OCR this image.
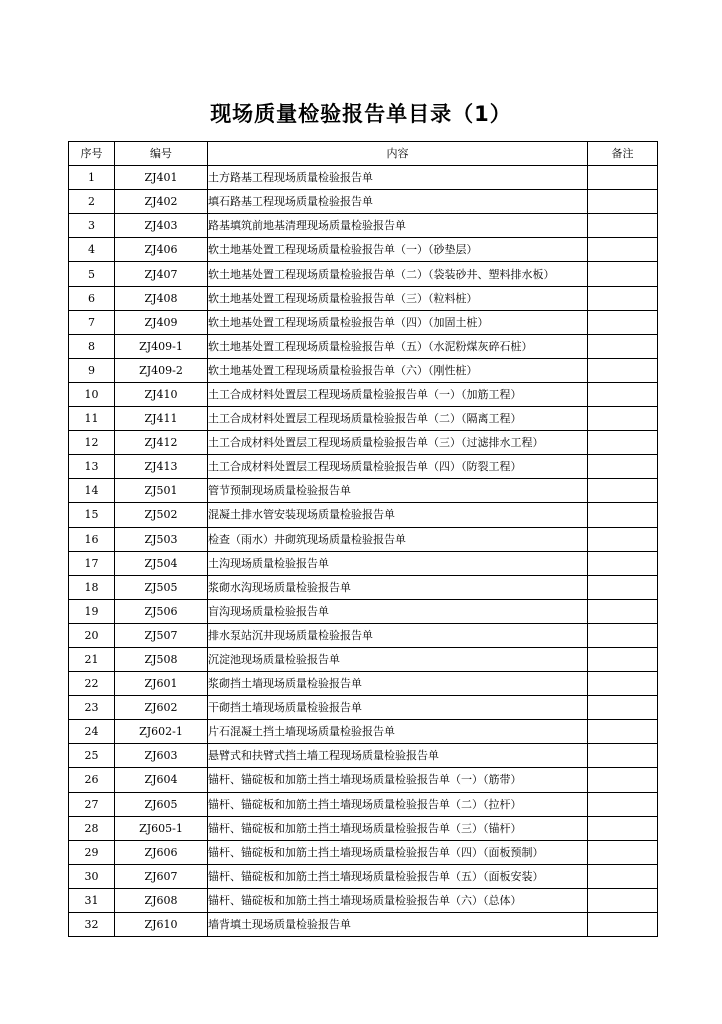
现场质量检验报告单目录（1）
序号	编号	内容	备注
1	ZJ401	土方路基工程现场质量检验报告单	
2	ZJ402	填石路基工程现场质量检验报告单	
3	ZJ403	路基填筑前地基清理现场质量检验报告单	
4	ZJ406	软土地基处置工程现场质量检验报告单（一）（砂垫层）	
5	ZJ407	软土地基处置工程现场质量检验报告单（二）（袋装砂井、塑料排水板）	
6	ZJ408	软土地基处置工程现场质量检验报告单（三）（粒料桩）	
7	ZJ409	软土地基处置工程现场质量检验报告单（四）（加固土桩）	
8	ZJ409-1	软土地基处置工程现场质量检验报告单（五）（水泥粉煤灰碎石桩）	
9	ZJ409-2	软土地基处置工程现场质量检验报告单（六）（刚性桩）	
10	ZJ410	土工合成材料处置层工程现场质量检验报告单（一）（加筋工程）	
11	ZJ411	土工合成材料处置层工程现场质量检验报告单（二）（隔离工程）	
12	ZJ412	土工合成材料处置层工程现场质量检验报告单（三）（过滤排水工程）	
13	ZJ413	土工合成材料处置层工程现场质量检验报告单（四）（防裂工程）	
14	ZJ501	管节预制现场质量检验报告单	
15	ZJ502	混凝土排水管安装现场质量检验报告单	
16	ZJ503	检查（雨水）井砌筑现场质量检验报告单	
17	ZJ504	土沟现场质量检验报告单	
18	ZJ505	浆砌水沟现场质量检验报告单	
19	ZJ506	盲沟现场质量检验报告单	
20	ZJ507	排水泵站沉井现场质量检验报告单	
21	ZJ508	沉淀池现场质量检验报告单	
22	ZJ601	浆砌挡土墙现场质量检验报告单	
23	ZJ602	干砌挡土墙现场质量检验报告单	
24	ZJ602-1	片石混凝土挡土墙现场质量检验报告单	
25	ZJ603	悬臂式和扶臂式挡土墙工程现场质量检验报告单	
26	ZJ604	锚杆、锚碇板和加筋土挡土墙现场质量检验报告单（一）（筋带）	
27	ZJ605	锚杆、锚碇板和加筋土挡土墙现场质量检验报告单（二）（拉杆）	
28	ZJ605-1	锚杆、锚碇板和加筋土挡土墙现场质量检验报告单（三）（锚杆）	
29	ZJ606	锚杆、锚碇板和加筋土挡土墙现场质量检验报告单（四）（面板预制）	
30	ZJ607	锚杆、锚碇板和加筋土挡土墙现场质量检验报告单（五）（面板安装）	
31	ZJ608	锚杆、锚碇板和加筋土挡土墙现场质量检验报告单（六）（总体）	
32	ZJ610	墙背填土现场质量检验报告单	
